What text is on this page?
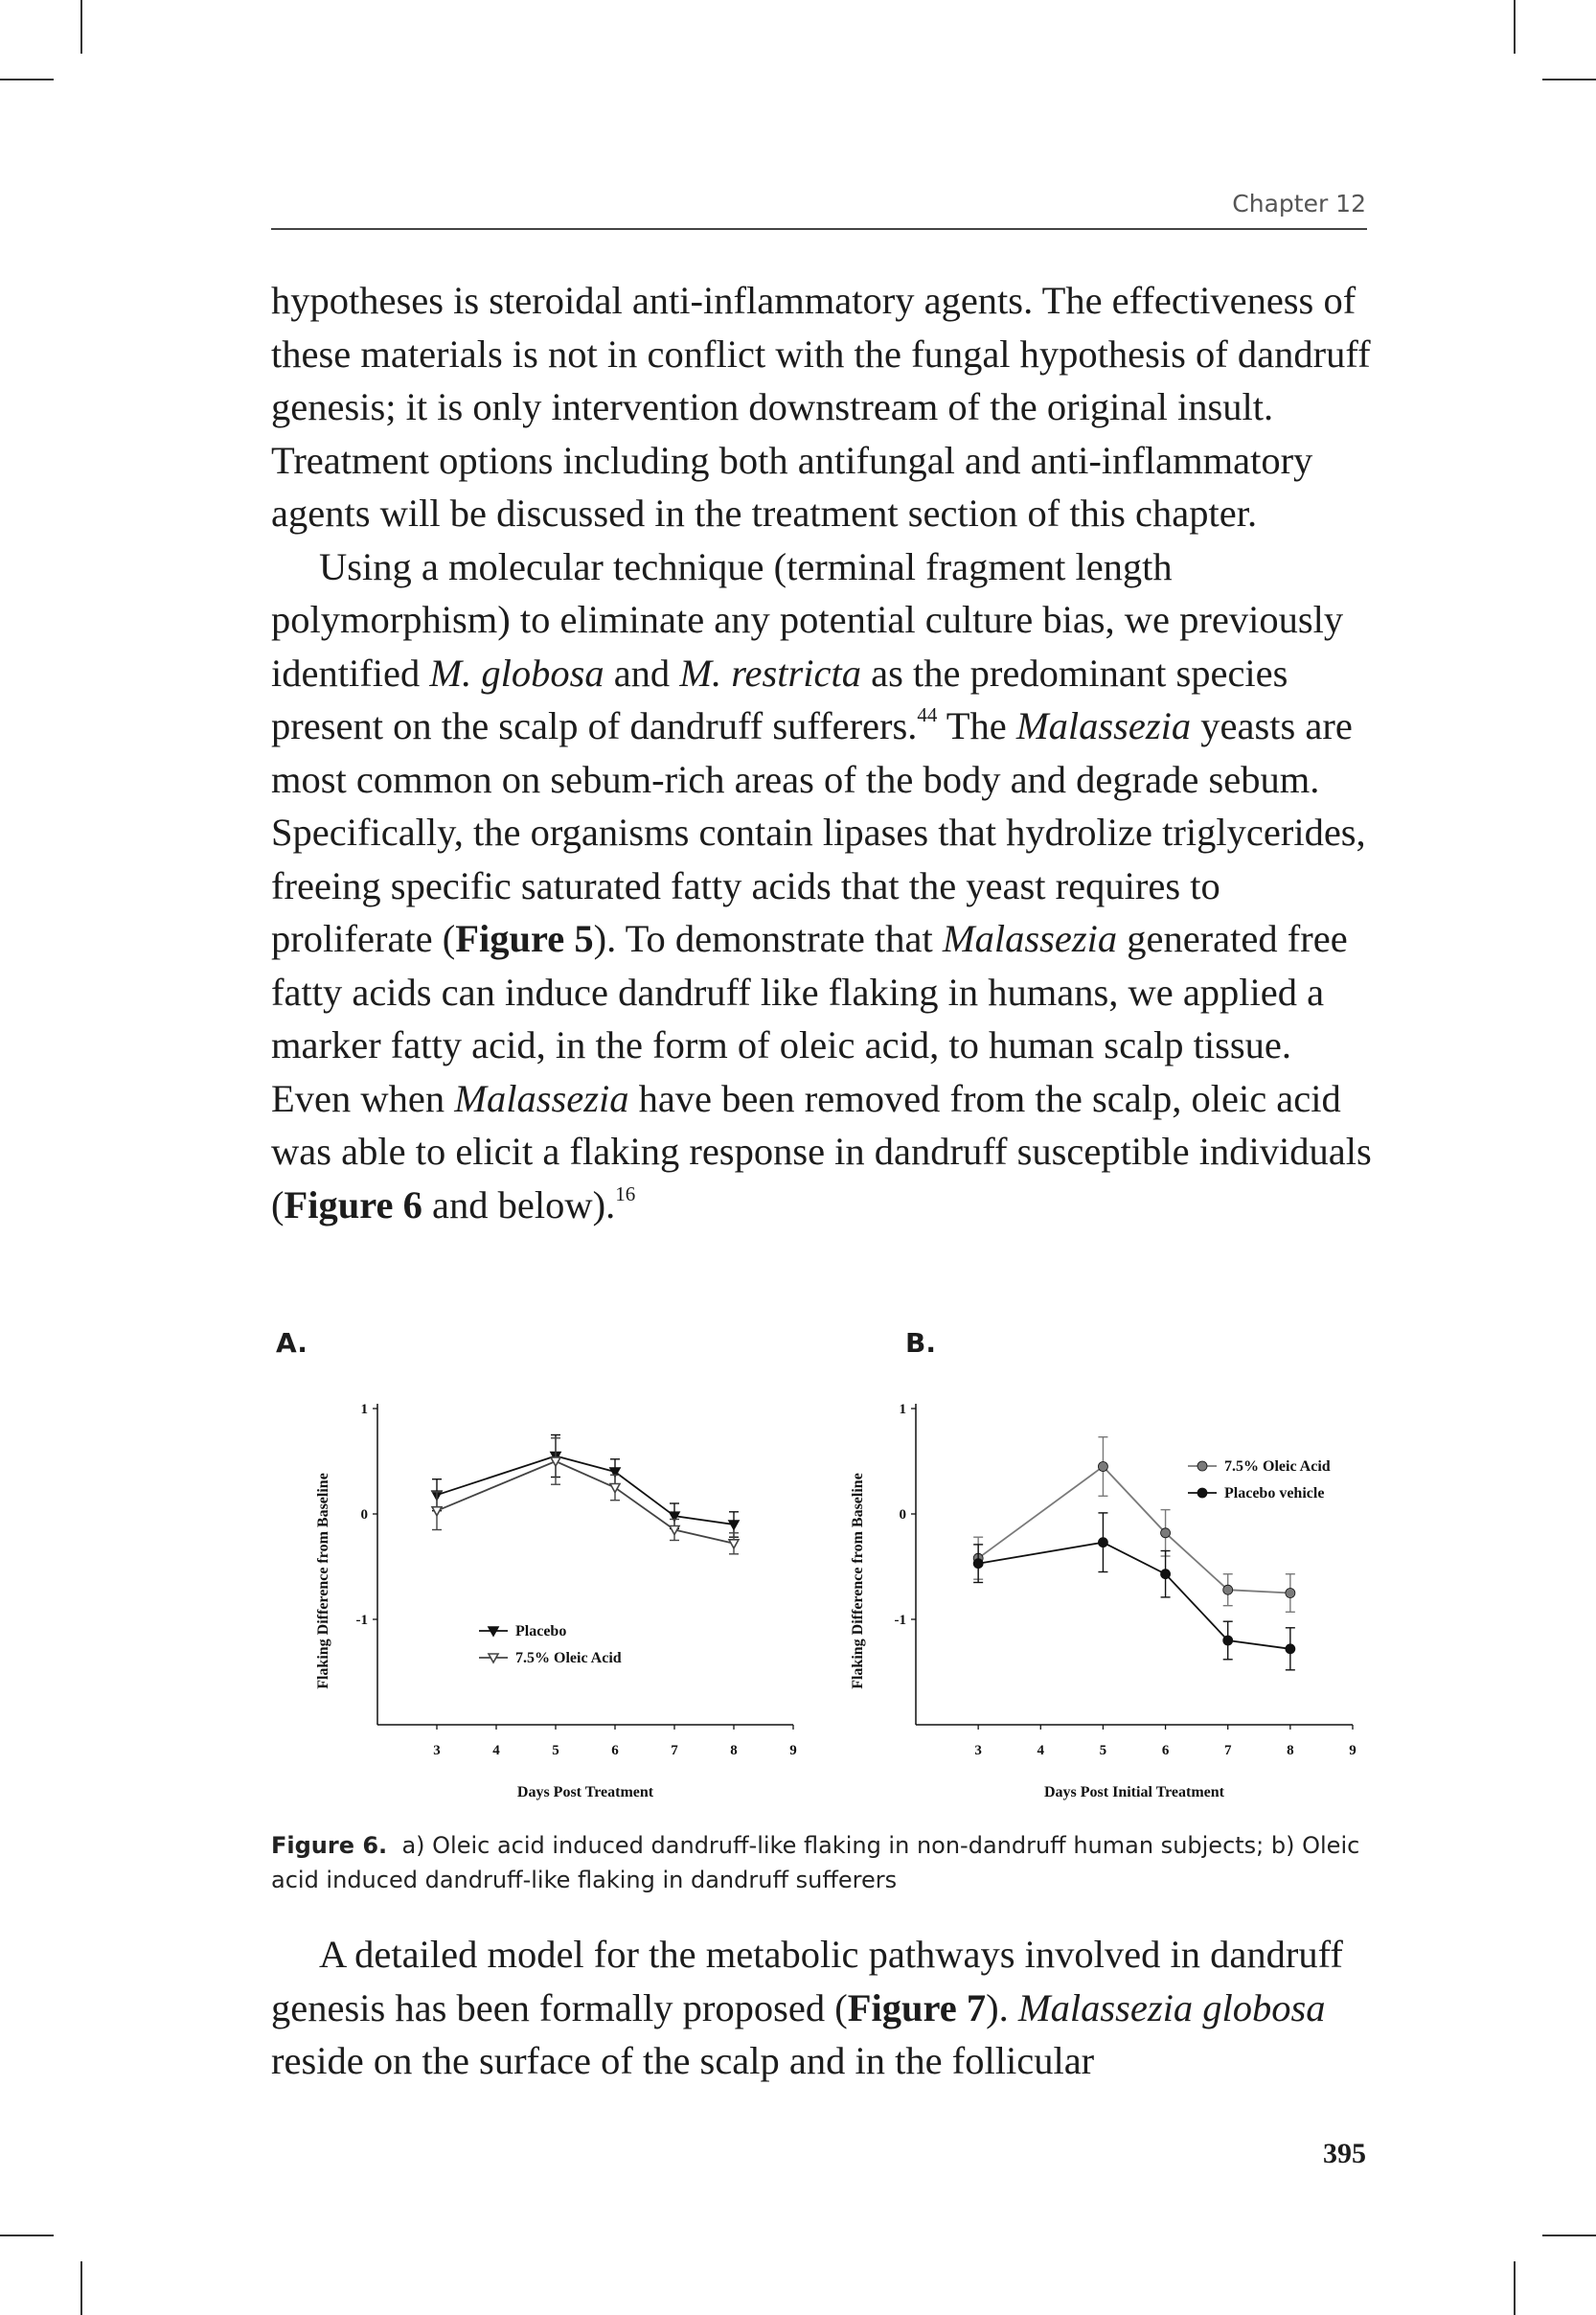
Chapter 12

hypotheses is steroidal anti-inflammatory agents. The effectiveness of these materials is not in conflict with the fungal hypothesis of dandruff genesis; it is only intervention downstream of the original insult. Treatment options including both antifungal and anti-inflammatory agents will be discussed in the treatment section of this chapter.

Using a molecular technique (terminal fragment length polymorphism) to eliminate any potential culture bias, we previously identified M. globosa and M. restricta as the predominant species present on the scalp of dandruff sufferers.$^{44}$ The Malassezia yeasts are most common on sebum-rich areas of the body and degrade sebum. Specifically, the organisms contain lipases that hydrolize triglycerides, freeing specific saturated fatty acids that the yeast requires to proliferate (Figure 5). To demonstrate that Malassezia generated free fatty acids can induce dandruff like flaking in humans, we applied a marker fatty acid, in the form of oleic acid, to human scalp tissue. Even when Malassezia have been removed from the scalp, oleic acid was able to elicit a flaking response in dandruff susceptible individuals (Figure 6 and below).$^{16}$

A.	B.
1
0
-1
3	4	5	6	7	8	9
Days Post Treatment
Flaking Difference from Baseline	Placebo
7.5% Oleic Acid
1
0
-1
3	4	5	6	7	8	9
Days Post Initial Treatment
Flaking Difference from Baseline
7.5% Oleic Acid
Placebo vehicle
Figure 6. a) Oleic acid induced dandruff-like flaking in non-dandruff human subjects; b) Oleic acid induced dandruff-like flaking in dandruff sufferers

A detailed model for the metabolic pathways involved in dandruff genesis has been formally proposed (Figure 7). Malassezia globosa reside on the surface of the scalp and in the follicular

395
